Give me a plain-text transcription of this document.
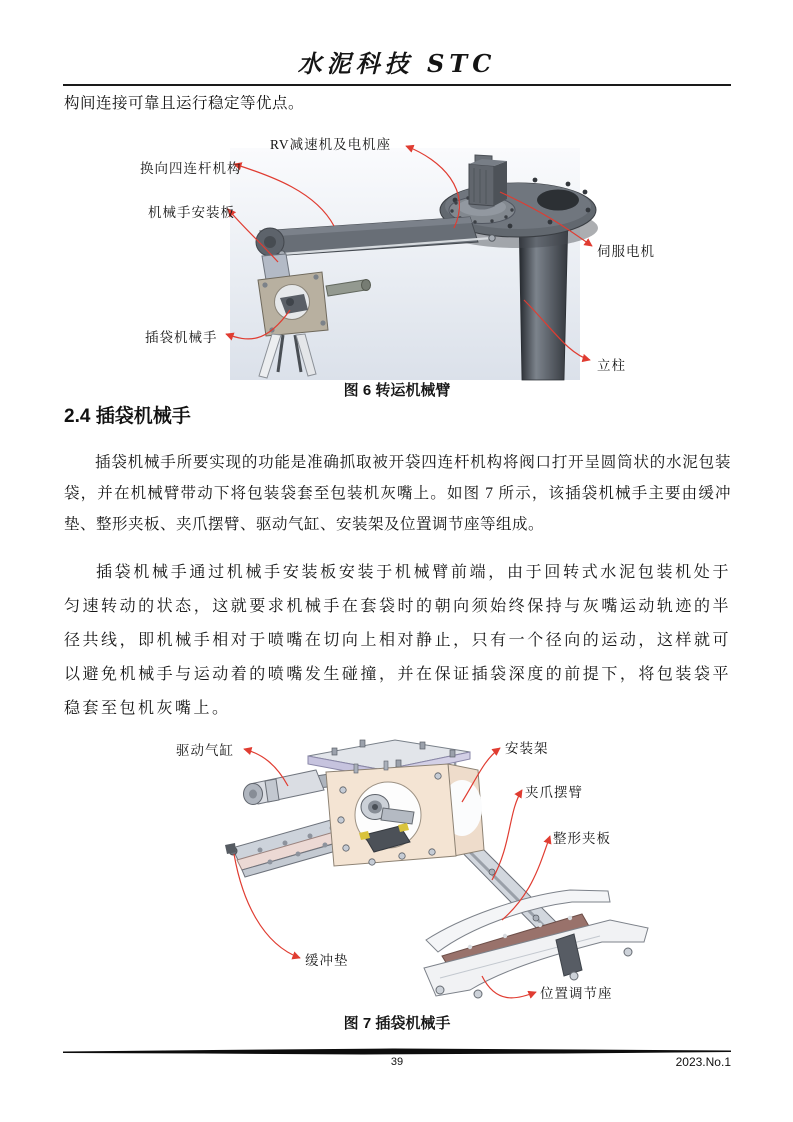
水泥科技 STC
构间连接可靠且运行稳定等优点。
RV减速机及电机座
换向四连杆机构
机械手安装板
插袋机械手
伺服电机
立柱
图 6 转运机械臂
2.4 插袋机械手

插袋机械手所要实现的功能是准确抓取被开袋四连杆机构将阀口打开呈圆筒状的水泥包装袋，并在机械臂带动下将包装袋套至包装机灰嘴上。如图 7 所示，该插袋机械手主要由缓冲垫、整形夹板、夹爪摆臂、驱动气缸、安装架及位置调节座等组成。

插袋机械手通过机械手安装板安装于机械臂前端，由于回转式水泥包装机处于匀速转动的状态，这就要求机械手在套袋时的朝向须始终保持与灰嘴运动轨迹的半径共线，即机械手相对于喷嘴在切向上相对静止，只有一个径向的运动，这样就可以避免机械手与运动着的喷嘴发生碰撞，并在保证插袋深度的前提下，将包装袋平稳套至包机灰嘴上。

驱动气缸	安装架
夹爪摆臂
整形夹板
缓冲垫
位置调节座
图 7 插袋机械手
39	2023.No.1
